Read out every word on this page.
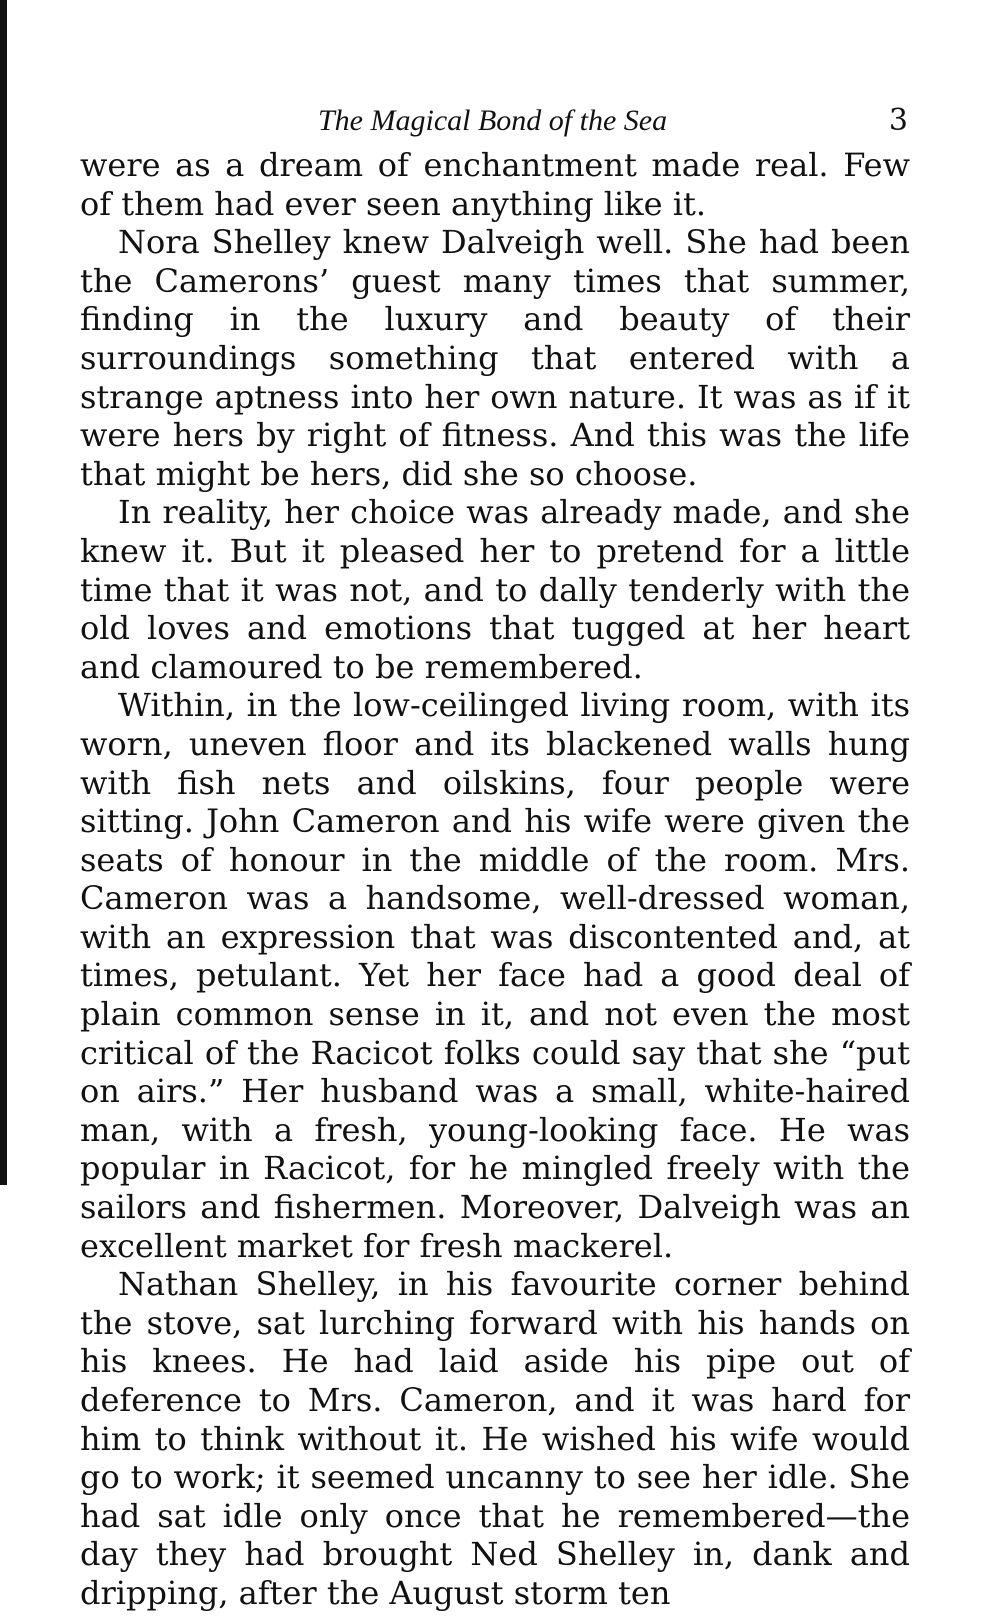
The Magical Bond of the Sea	3

were as a dream of enchantment made real. Few of them had ever seen anything like it.

Nora Shelley knew Dalveigh well. She had been the Camerons’ guest many times that summer, finding in the luxury and beauty of their surroundings something that entered with a strange aptness into her own nature. It was as if it were hers by right of fitness. And this was the life that might be hers, did she so choose.

In reality, her choice was already made, and she knew it. But it pleased her to pretend for a little time that it was not, and to dally tenderly with the old loves and emotions that tugged at her heart and clamoured to be remembered.

Within, in the low-ceilinged living room, with its worn, uneven floor and its blackened walls hung with fish nets and oilskins, four people were sitting. John Cameron and his wife were given the seats of honour in the middle of the room. Mrs. Cameron was a handsome, well-dressed woman, with an expression that was discontented and, at times, petulant. Yet her face had a good deal of plain common sense in it, and not even the most critical of the Racicot folks could say that she “put on airs.” Her husband was a small, white-haired man, with a fresh, young-looking face. He was popular in Racicot, for he mingled freely with the sailors and fishermen. Moreover, Dalveigh was an excellent market for fresh mackerel.

Nathan Shelley, in his favourite corner behind the stove, sat lurching forward with his hands on his knees. He had laid aside his pipe out of deference to Mrs. Cameron, and it was hard for him to think without it. He wished his wife would go to work; it seemed uncanny to see her idle. She had sat idle only once that he remembered—the day they had brought Ned Shelley in, dank and dripping, after the August storm ten
